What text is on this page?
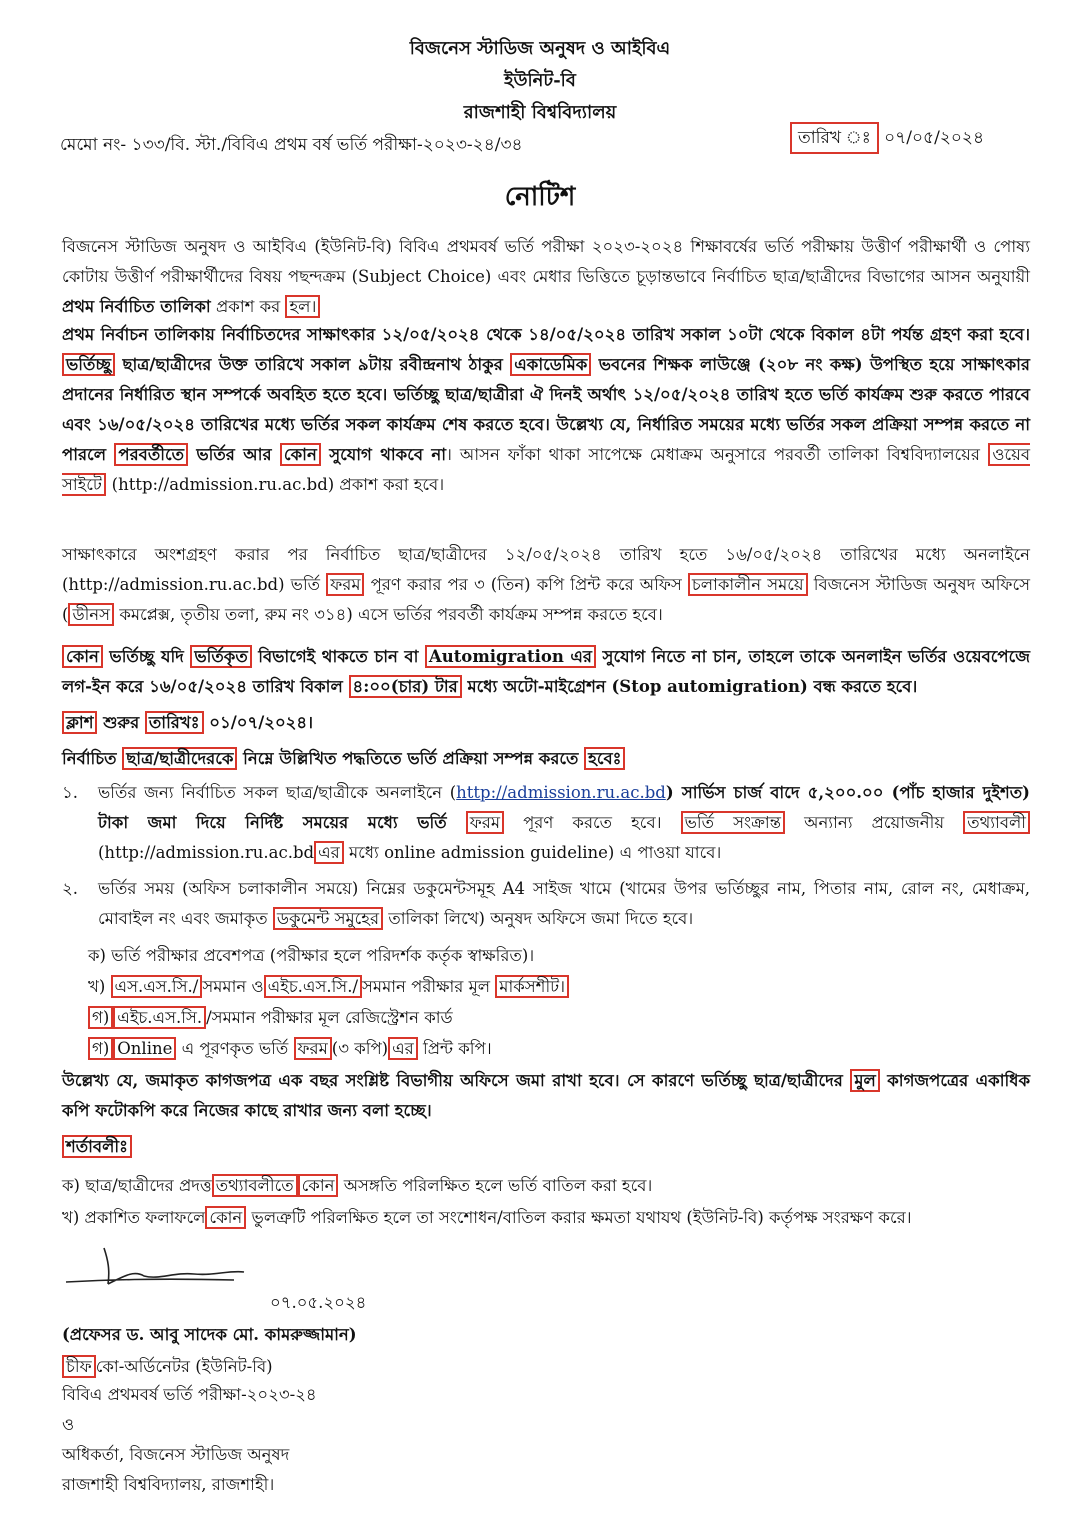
বিজনেস স্টাডিজ অনুষদ ও আইবিএ
ইউনিট-বি
রাজশাহী বিশ্ববিদ্যালয়
মেমো নং- ১৩৩/বি. স্টা./বিবিএ প্রথম বর্ষ ভর্তি পরীক্ষা-২০২৩-২৪/৩৪	তারিখ ঃ ০৭/০৫/২০২৪
নোটিশ
বিজনেস স্টাডিজ অনুষদ ও আইবিএ (ইউনিট-বি) বিবিএ প্রথমবর্ষ ভর্তি পরীক্ষা ২০২৩-২০২৪ শিক্ষাবর্ষের ভর্তি পরীক্ষায় উত্তীর্ণ পরীক্ষার্থী ও পোষ্য কোটায় উত্তীর্ণ পরীক্ষার্থীদের বিষয় পছন্দক্রম (Subject Choice) এবং মেধার ভিত্তিতে চূড়ান্তভাবে নির্বাচিত ছাত্র/ছাত্রীদের বিভাগের আসন অনুযায়ী প্রথম নির্বাচিত তালিকা প্রকাশ কর হল।
প্রথম নির্বাচন তালিকায় নির্বাচিতদের সাক্ষাৎকার ১২/০৫/২০২৪ থেকে ১৪/০৫/২০২৪ তারিখ সকাল ১০টা থেকে বিকাল ৪টা পর্যন্ত গ্রহণ করা হবে। ভর্তিচ্ছু ছাত্র/ছাত্রীদের উক্ত তারিখে সকাল ৯টায় রবীন্দ্রনাথ ঠাকুর একাডেমিক ভবনের শিক্ষক লাউঞ্জে (২০৮ নং কক্ষ) উপস্থিত হয়ে সাক্ষাৎকার প্রদানের নির্ধারিত স্থান সম্পর্কে অবহিত হতে হবে। ভর্তিচ্ছু ছাত্র/ছাত্রীরা ঐ দিনই অর্থাৎ ১২/০৫/২০২৪ তারিখ হতে ভর্তি কার্যক্রম শুরু করতে পারবে এবং ১৬/০৫/২০২৪ তারিখের মধ্যে ভর্তির সকল কার্যক্রম শেষ করতে হবে। উল্লেখ্য যে, নির্ধারিত সময়ের মধ্যে ভর্তির সকল প্রক্রিয়া সম্পন্ন করতে না পারলে পরবর্তীতে ভর্তির আর কোন সুযোগ থাকবে না। আসন ফাঁকা থাকা সাপেক্ষে মেধাক্রম অনুসারে পরবর্তী তালিকা বিশ্ববিদ্যালয়ের ওয়েব সাইটে (http://admission.ru.ac.bd) প্রকাশ করা হবে।
সাক্ষাৎকারে অংশগ্রহণ করার পর নির্বাচিত ছাত্র/ছাত্রীদের ১২/০৫/২০২৪ তারিখ হতে ১৬/০৫/২০২৪ তারিখের মধ্যে অনলাইনে (http://admission.ru.ac.bd) ভর্তি ফরম পূরণ করার পর ৩ (তিন) কপি প্রিন্ট করে অফিস চলাকালীন সময়ে বিজনেস স্টাডিজ অনুষদ অফিসে ( ডীনস কমপ্লেক্স, তৃতীয় তলা, রুম নং ৩১৪) এসে ভর্তির পরবর্তী কার্যক্রম সম্পন্ন করতে হবে।
কোন ভর্তিচ্ছু যদি ভর্তিকৃত বিভাগেই থাকতে চান বা Automigration এর সুযোগ নিতে না চান, তাহলে তাকে অনলাইন ভর্তির ওয়েবপেজে লগ-ইন করে ১৬/০৫/২০২৪ তারিখ বিকাল ৪:০০(চার) টার মধ্যে অটো-মাইগ্রেশন (Stop automigration) বন্ধ করতে হবে।
ক্লাশ শুরুর তারিখঃ ০১/০৭/২০২৪।
নির্বাচিত ছাত্র/ছাত্রীদেরকে নিম্নে উল্লিখিত পদ্ধতিতে ভর্তি প্রক্রিয়া সম্পন্ন করতে হবেঃ
১.	ভর্তির জন্য নির্বাচিত সকল ছাত্র/ছাত্রীকে অনলাইনে (http://admission.ru.ac.bd) সার্ভিস চার্জ বাদে ৫,২০০.০০ (পাঁচ হাজার দুইশত) টাকা জমা দিয়ে নির্দিষ্ট সময়ের মধ্যে ভর্তি ফরম পূরণ করতে হবে। ভর্তি সংক্রান্ত অন্যান্য প্রয়োজনীয় তথ্যাবলী (http://admission.ru.ac.bd এর মধ্যে online admission guideline) এ পাওয়া যাবে।
২.	ভর্তির সময় (অফিস চলাকালীন সময়ে) নিম্নের ডকুমেন্টসমূহ A4 সাইজ খামে (খামের উপর ভর্তিচ্ছুর নাম, পিতার নাম, রোল নং, মেধাক্রম, মোবাইল নং এবং জমাকৃত ডকুমেন্ট সমুহের তালিকা লিখে) অনুষদ অফিসে জমা দিতে হবে।
ক) ভর্তি পরীক্ষার প্রবেশপত্র (পরীক্ষার হলে পরিদর্শক কর্তৃক স্বাক্ষরিত)।
খ) এস.এস.সি./ সমমান ও এইচ.এস.সি./ সমমান পরীক্ষার মূল মার্কসশীট।
গ) এইচ.এস.সি. /সমমান পরীক্ষার মূল রেজিস্ট্রেশন কার্ড
গ) Online এ পূরণকৃত ভর্তি ফরম (৩ কপি) এর প্রিন্ট কপি।
উল্লেখ্য যে, জমাকৃত কাগজপত্র এক বছর সংশ্লিষ্ট বিভাগীয় অফিসে জমা রাখা হবে। সে কারণে ভর্তিচ্ছু ছাত্র/ছাত্রীদের মুল কাগজপত্রের একাধিক কপি ফটোকপি করে নিজের কাছে রাখার জন্য বলা হচ্ছে।
শর্তাবলীঃ
ক) ছাত্র/ছাত্রীদের প্রদত্ত তথ্যাবলীতে কোন অসঙ্গতি পরিলক্ষিত হলে ভর্তি বাতিল করা হবে।
খ) প্রকাশিত ফলাফলে কোন ভুলত্রুটি পরিলক্ষিত হলে তা সংশোধন/বাতিল করার ক্ষমতা যথাযথ (ইউনিট-বি) কর্তৃপক্ষ সংরক্ষণ করে।
০৭.০৫.২০২৪
(প্রফেসর ড. আবু সাদেক মো. কামরুজ্জামান)
চীফ কো-অর্ডিনেটর (ইউনিট-বি)
বিবিএ প্রথমবর্ষ ভর্তি পরীক্ষা-২০২৩-২৪
ও
অধিকর্তা, বিজনেস স্টাডিজ অনুষদ
রাজশাহী বিশ্ববিদ্যালয়, রাজশাহী।
